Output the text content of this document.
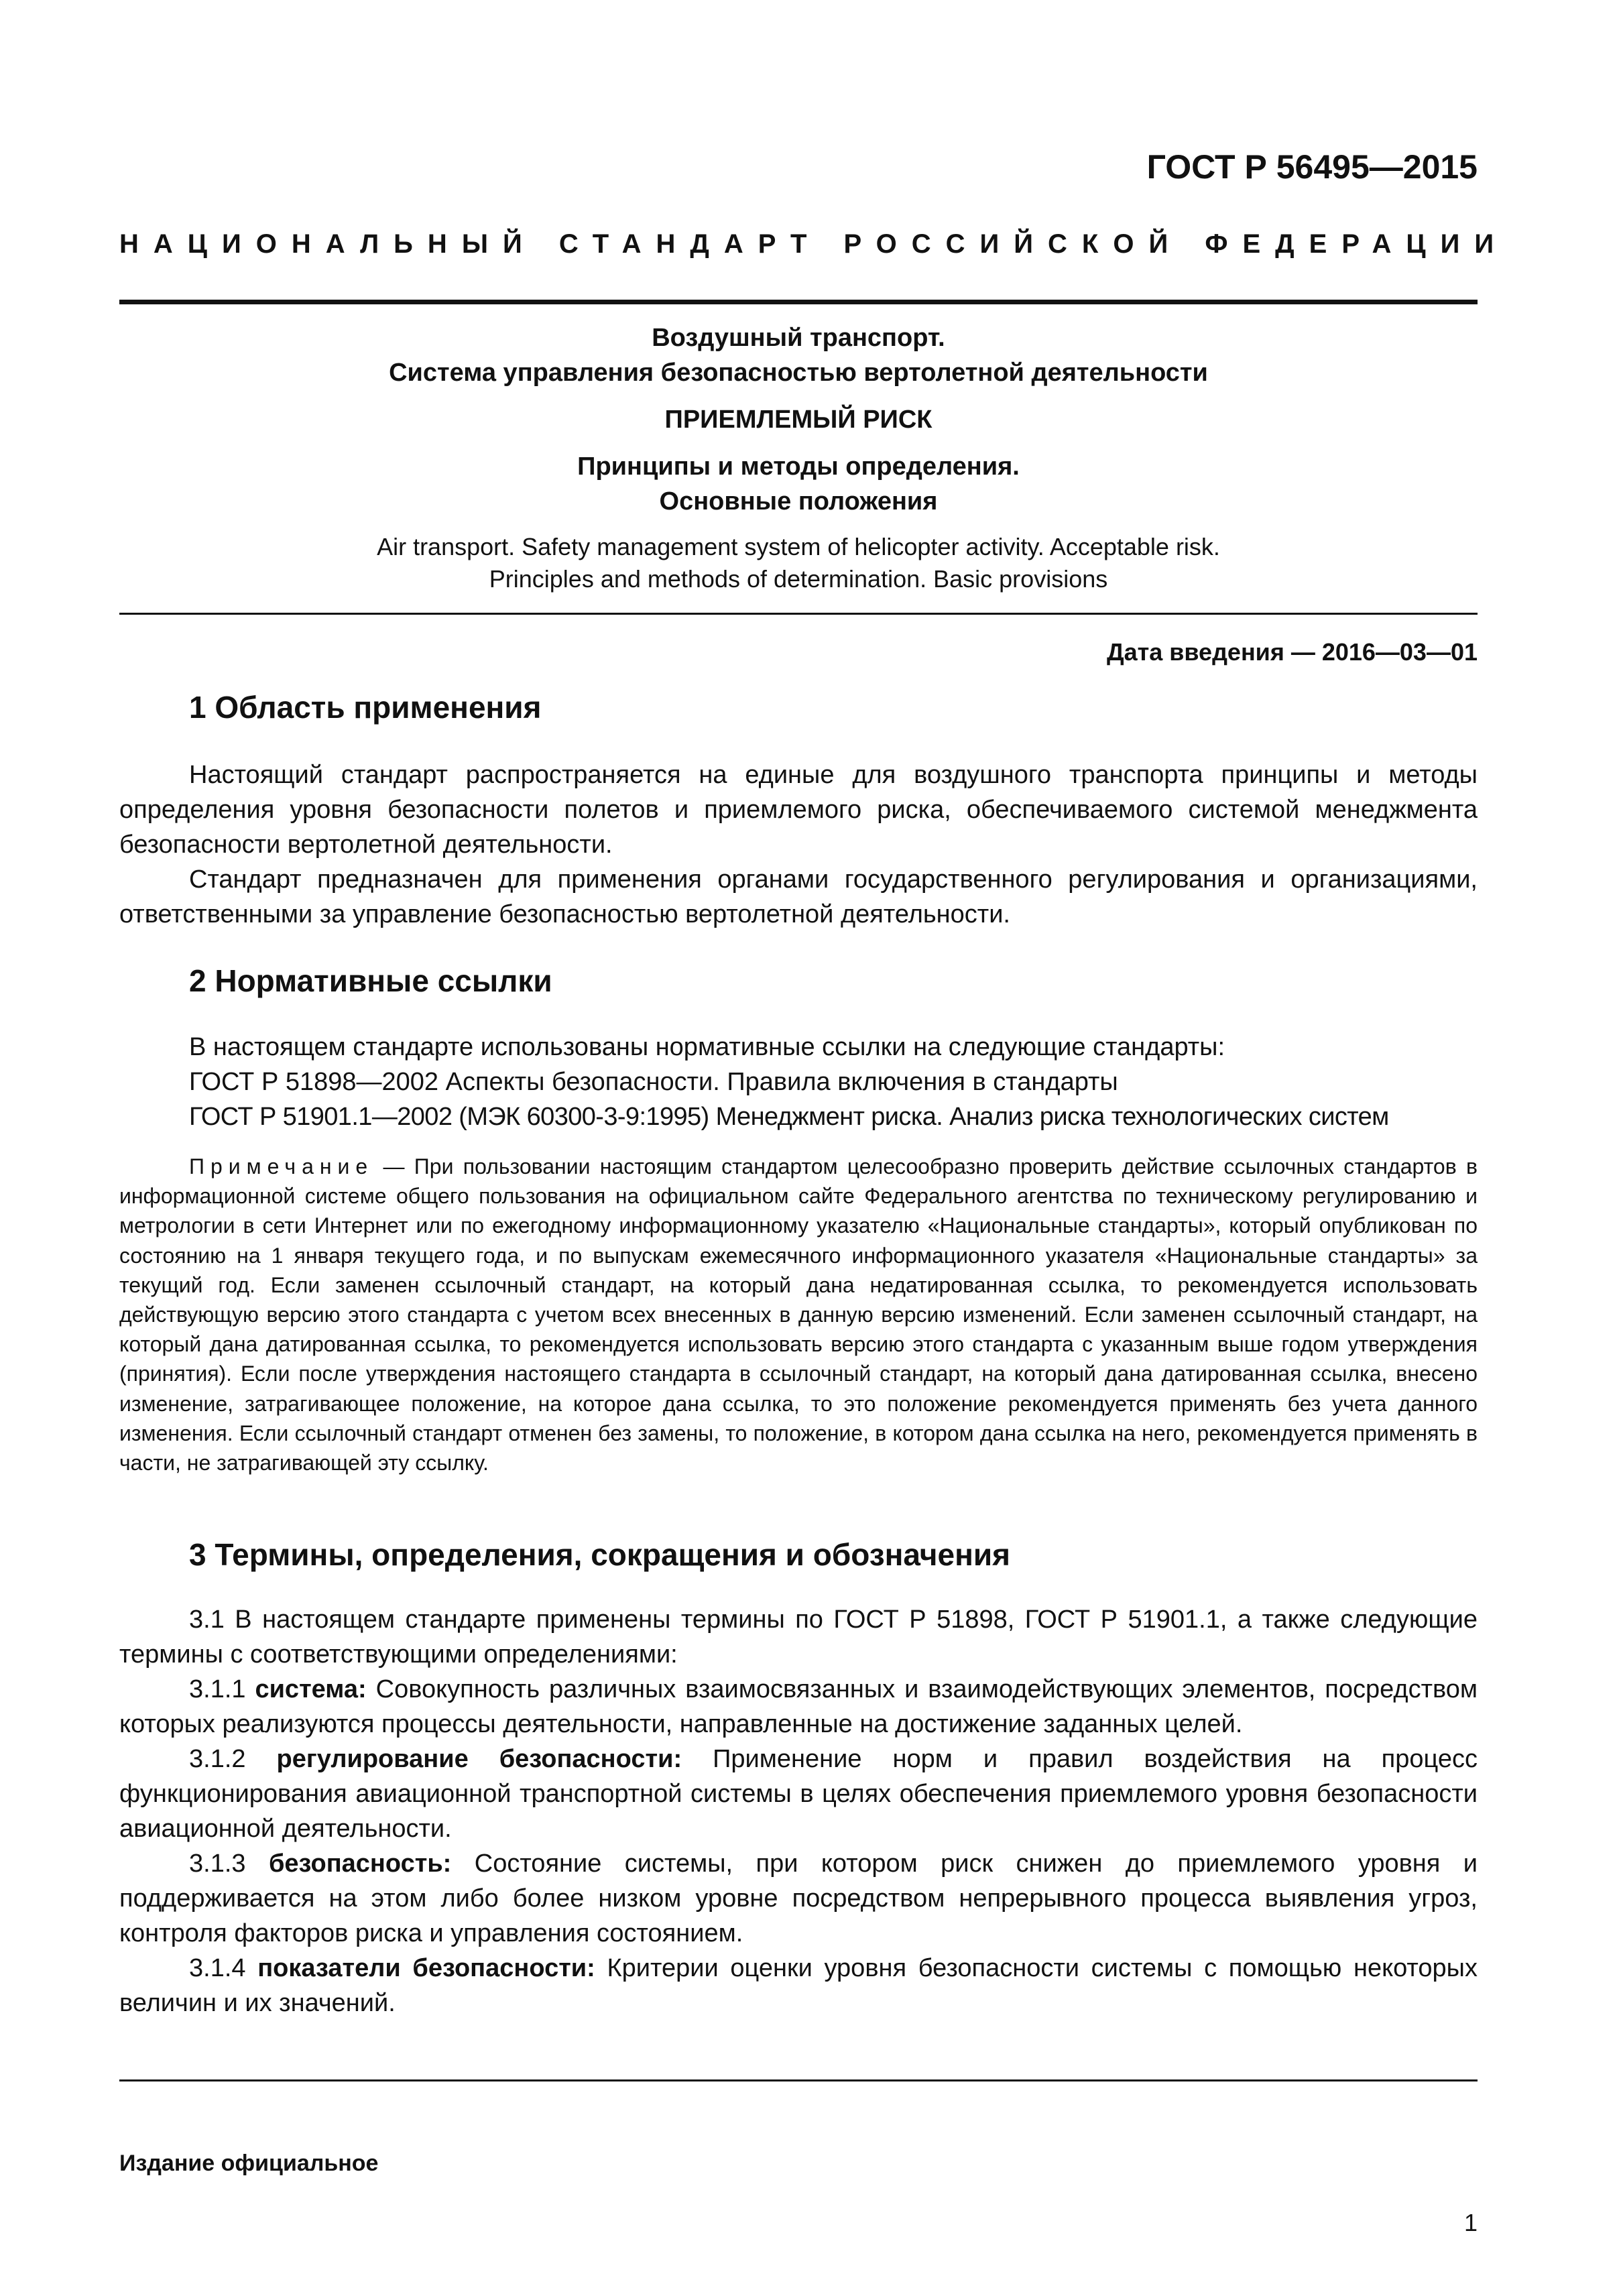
ГОСТ Р 56495—2015
НАЦИОНАЛЬНЫЙ СТАНДАРТ РОССИЙСКОЙ ФЕДЕРАЦИИ
Воздушный транспорт.
Система управления безопасностью вертолетной деятельности
ПРИЕМЛЕМЫЙ РИСК
Принципы и методы определения.
Основные положения
Air transport. Safety management system of helicopter activity. Acceptable risk.
Principles and methods of determination. Basic provisions
Дата введения — 2016—03—01
1 Область применения
Настоящий стандарт распространяется на единые для воздушного транспорта принципы и методы определения уровня безопасности полетов и приемлемого риска, обеспечиваемого системой менеджмента безопасности вертолетной деятельности.
Стандарт предназначен для применения органами государственного регулирования и организациями, ответственными за управление безопасностью вертолетной деятельности.
2 Нормативные ссылки
В настоящем стандарте использованы нормативные ссылки на следующие стандарты:
ГОСТ Р 51898—2002 Аспекты безопасности. Правила включения в стандарты
ГОСТ Р 51901.1—2002 (МЭК 60300-3-9:1995) Менеджмент риска. Анализ риска технологических систем
Примечание — При пользовании настоящим стандартом целесообразно проверить действие ссылочных стандартов в информационной системе общего пользования на официальном сайте Федерального агентства по техническому регулированию и метрологии в сети Интернет или по ежегодному информационному указателю «Национальные стандарты», который опубликован по состоянию на 1 января текущего года, и по выпускам ежемесячного информационного указателя «Национальные стандарты» за текущий год. Если заменен ссылочный стандарт, на который дана недатированная ссылка, то рекомендуется использовать действующую версию этого стандарта с учетом всех внесенных в данную версию изменений. Если заменен ссылочный стандарт, на который дана датированная ссылка, то рекомендуется использовать версию этого стандарта с указанным выше годом утверждения (принятия). Если после утверждения настоящего стандарта в ссылочный стандарт, на который дана датированная ссылка, внесено изменение, затрагивающее положение, на которое дана ссылка, то это положение рекомендуется применять без учета данного изменения. Если ссылочный стандарт отменен без замены, то положение, в котором дана ссылка на него, рекомендуется применять в части, не затрагивающей эту ссылку.
3 Термины, определения, сокращения и обозначения
3.1 В настоящем стандарте применены термины по ГОСТ Р 51898, ГОСТ Р 51901.1, а также следующие термины с соответствующими определениями:
3.1.1 система: Совокупность различных взаимосвязанных и взаимодействующих элементов, посредством которых реализуются процессы деятельности, направленные на достижение заданных целей.
3.1.2 регулирование безопасности: Применение норм и правил воздействия на процесс функционирования авиационной транспортной системы в целях обеспечения приемлемого уровня безопасности авиационной деятельности.
3.1.3 безопасность: Состояние системы, при котором риск снижен до приемлемого уровня и поддерживается на этом либо более низком уровне посредством непрерывного процесса выявления угроз, контроля факторов риска и управления состоянием.
3.1.4 показатели безопасности: Критерии оценки уровня безопасности системы с помощью некоторых величин и их значений.
Издание официальное
1
